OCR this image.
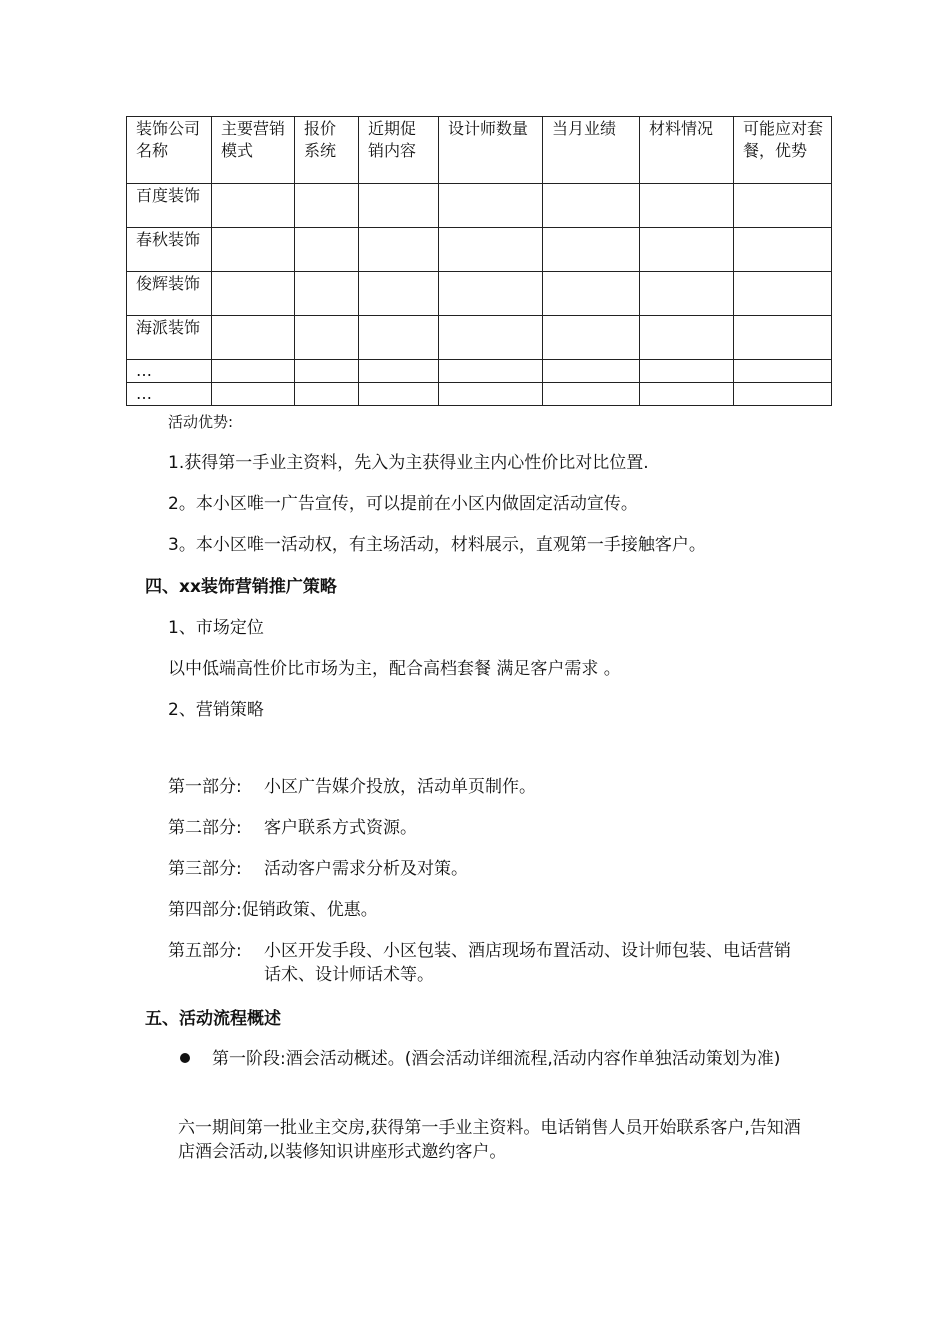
装饰公司名称	主要营销模式	报价系统	近期促销内容	设计师数量	当月业绩	材料情况	可能应对套餐，优势
百度装饰							
春秋装饰							
俊辉装饰							
海派装饰							
…							
…							
活动优势:
1.获得第一手业主资料，先入为主获得业主内心性价比对比位置.
2。本小区唯一广告宣传，可以提前在小区内做固定活动宣传。
3。本小区唯一活动权，有主场活动，材料展示，直观第一手接触客户。
四、xx装饰营销推广策略
1、市场定位
以中低端高性价比市场为主，配合高档套餐 满足客户需求 。
2、营销策略
第一部分: 小区广告媒介投放，活动单页制作。
第二部分: 客户联系方式资源。
第三部分: 活动客户需求分析及对策。
第四部分:促销政策、优惠。
第五部分: 小区开发手段、小区包装、酒店现场布置活动、设计师包装、电话营销话术、设计师话术等。
五、活动流程概述
第一阶段:酒会活动概述。(酒会活动详细流程,活动内容作单独活动策划为准)
六一期间第一批业主交房,获得第一手业主资料。电话销售人员开始联系客户,告知酒店酒会活动,以装修知识讲座形式邀约客户。
